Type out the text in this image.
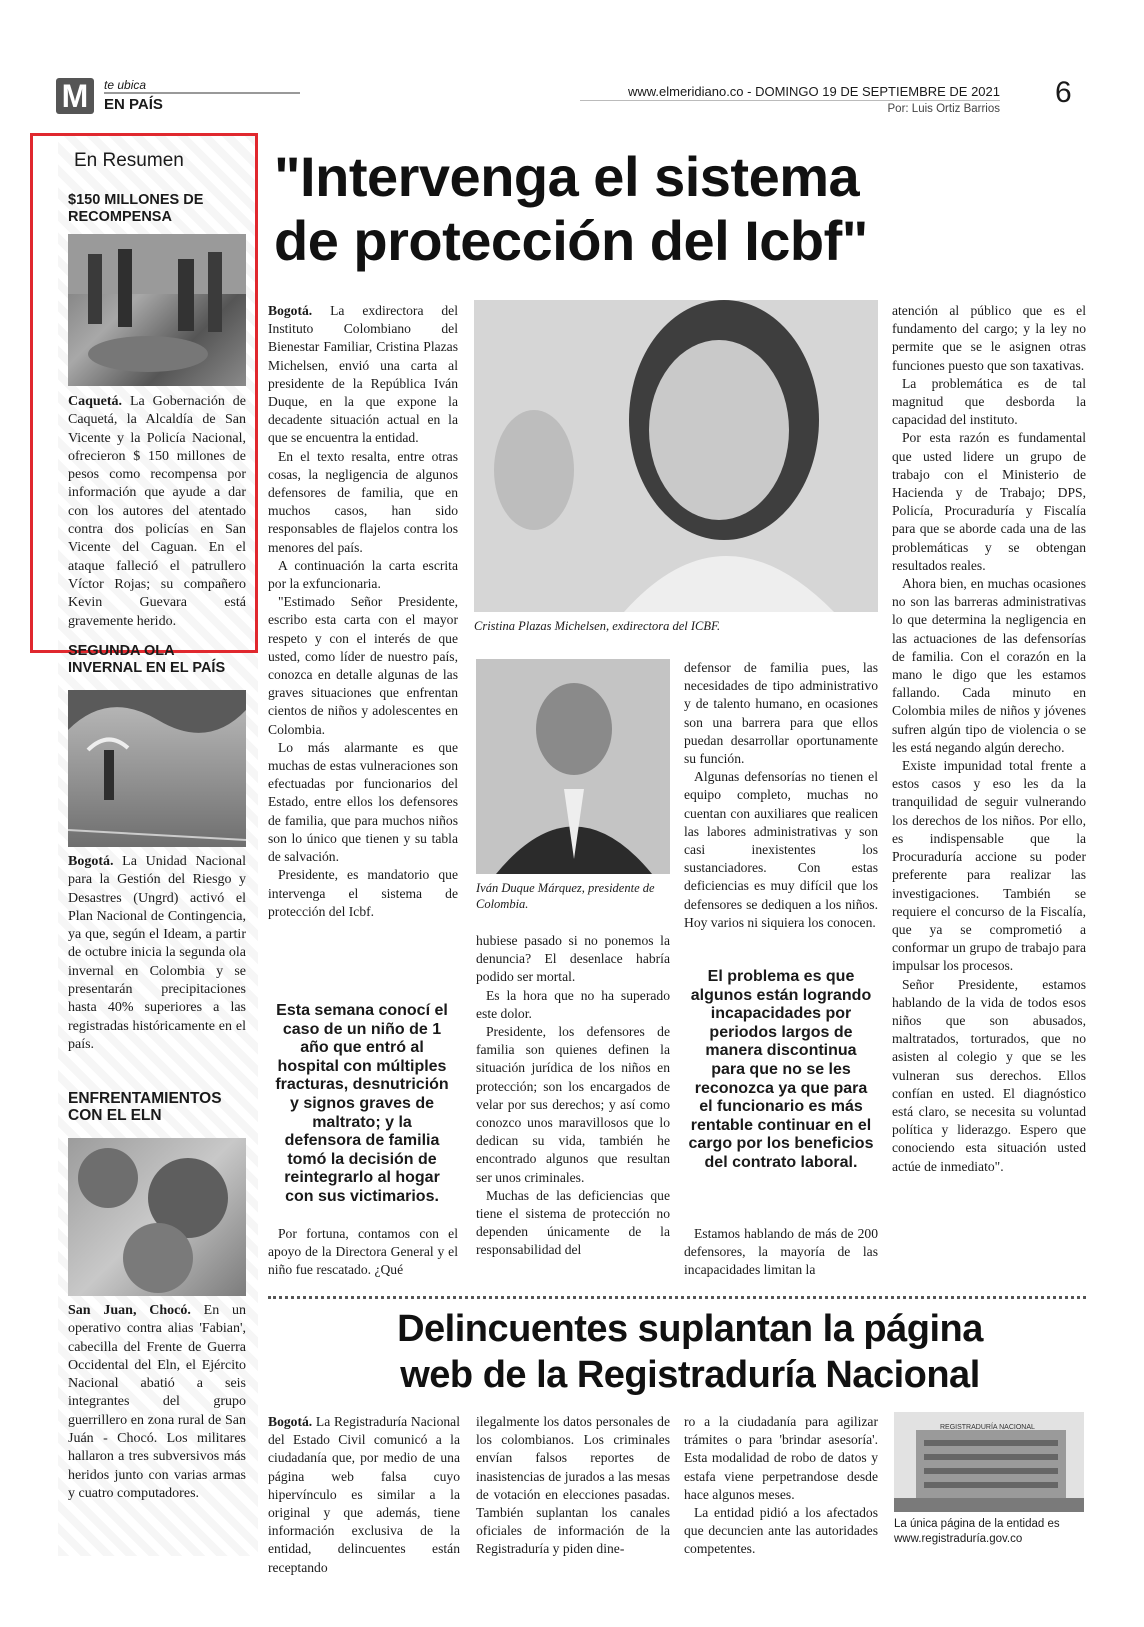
M	te ubica
EN PAÍS
www.elmeridiano.co - DOMINGO 19 DE SEPTIEMBRE DE 2021
Por: Luis Ortiz Barrios 6
En Resumen
$150 MILLONES DE RECOMPENSA
Caquetá. La Gobernación de Caquetá, la Alcaldía de San Vicente y la Policía Nacional, ofrecieron $ 150 millones de pesos como recompensa por información que ayude a dar con los autores del atentado contra dos policías en San Vicente del Caguan. En el ataque falleció el patrullero Víctor Rojas; su compañero Kevin Guevara está gravemente herido.
SEGUNDA OLA INVERNAL EN EL PAÍS
Bogotá. La Unidad Nacional para la Gestión del Riesgo y Desastres (Ungrd) activó el Plan Nacional de Contingencia, ya que, según el Ideam, a partir de octubre inicia la segunda ola invernal en Colombia y se presentarán precipitaciones hasta 40% superiores a las registradas históricamente en el país.
ENFRENTAMIENTOS CON EL ELN
San Juan, Chocó. En un operativo contra alias 'Fabian', cabecilla del Frente de Guerra Occidental del Eln, el Ejército Nacional abatió a seis integrantes del grupo guerrillero en zona rural de San Juán - Chocó. Los militares hallaron a tres subversivos más heridos junto con varias armas y cuatro computadores.
"Intervenga el sistema
de protección del Icbf"
Cristina Plazas Michelsen, exdirectora del ICBF.

Bogotá. La exdirectora del Instituto Colombiano del Bienestar Familiar, Cristina Plazas Michelsen, envió una carta al presidente de la República Iván Duque, en la que expone la decadente situación actual en la que se encuentra la entidad.

En el texto resalta, entre otras cosas, la negligencia de algunos defensores de familia, que en muchos casos, han sido responsables de flajelos contra los menores del país.

A continuación la carta escrita por la exfuncionaria.

"Estimado Señor Presidente, escribo esta carta con el mayor respeto y con el interés de que usted, como líder de nuestro país, conozca en detalle algunas de las graves situaciones que enfrentan cientos de niños y adolescentes en Colombia.

Lo más alarmante es que muchas de estas vulneraciones son efectuadas por funcionarios del Estado, entre ellos los defensores de familia, que para muchos niños son lo único que tienen y su tabla de salvación.

Presidente, es mandatorio que intervenga el sistema de protección del Icbf.

Esta semana conocí el caso de un niño de 1 año que entró al hospital con múltiples fracturas, desnutrición y signos graves de maltrato; y la defensora de familia tomó la decisión de reintegrarlo al hogar con sus victimarios.

Por fortuna, contamos con el apoyo de la Directora General y el niño fue rescatado. ¿Qué

Iván Duque Márquez, presidente de Colombia.

hubiese pasado si no ponemos la denuncia? El desenlace habría podido ser mortal.

Es la hora que no ha superado este dolor.

Presidente, los defensores de familia son quienes definen la situación jurídica de los niños en protección; son los encargados de velar por sus derechos; y así como conozco unos maravillosos que lo dedican su vida, también he encontrado algunos que resultan ser unos criminales.

Muchas de las deficiencias que tiene el sistema de protección no dependen únicamente de la responsabilidad del

defensor de familia pues, las necesidades de tipo administrativo y de talento humano, en ocasiones son una barrera para que ellos puedan desarrollar oportunamente su función.

Algunas defensorías no tienen el equipo completo, muchas no cuentan con auxiliares que realicen las labores administrativas y son casi inexistentes los sustanciadores. Con estas deficiencias es muy difícil que los defensores se dediquen a los niños. Hoy varios ni siquiera los conocen.

El problema es que algunos están logrando incapacidades por periodos largos de manera discontinua para que no se les reconozca ya que para el funcionario es más rentable continuar en el cargo por los beneficios del contrato laboral.

Estamos hablando de más de 200 defensores, la mayoría de las incapacidades limitan la

atención al público que es el fundamento del cargo; y la ley no permite que se le asignen otras funciones puesto que son taxativas.

La problemática es de tal magnitud que desborda la capacidad del instituto.

Por esta razón es fundamental que usted lidere un grupo de trabajo con el Ministerio de Hacienda y de Trabajo; DPS, Policía, Procuraduría y Fiscalía para que se aborde cada una de las problemáticas y se obtengan resultados reales.

Ahora bien, en muchas ocasiones no son las barreras administrativas lo que determina la negligencia en las actuaciones de las defensorías de familia. Con el corazón en la mano le digo que les estamos fallando. Cada minuto en Colombia miles de niños y jóvenes sufren algún tipo de violencia o se les está negando algún derecho.

Existe impunidad total frente a estos casos y eso les da la tranquilidad de seguir vulnerando los derechos de los niños. Por ello, es indispensable que la Procuraduría accione su poder preferente para realizar las investigaciones. También se requiere el concurso de la Fiscalía, que ya se comprometió a conformar un grupo de trabajo para impulsar los procesos.

Señor Presidente, estamos hablando de la vida de todos esos niños que son abusados, maltratados, torturados, que no asisten al colegio y que se les vulneran sus derechos. Ellos confían en usted. El diagnóstico está claro, se necesita su voluntad política y liderazgo. Espero que conociendo esta situación usted actúe de inmediato".

Delincuentes suplantan la página
web de la Registraduría Nacional

Bogotá. La Registraduría Nacional del Estado Civil comunicó a la ciudadanía que, por medio de una página web falsa cuyo hipervínculo es similar a la original y que además, tiene información exclusiva de la entidad, delincuentes están receptando

ilegalmente los datos personales de los colombianos. Los criminales envían falsos reportes de inasistencias de jurados a las mesas de votación en elecciones pasadas. También suplantan los canales oficiales de información de la Registraduría y piden dine-

ro a la ciudadanía para agilizar trámites o para 'brindar asesoría'. Esta modalidad de robo de datos y estafa viene perpetrandose desde hace algunos meses.

La entidad pidió a los afectados que decuncien ante las autoridades competentes.

REGISTRADURÍA NACIONAL
La única página de la entidad es www.registraduría.gov.co
